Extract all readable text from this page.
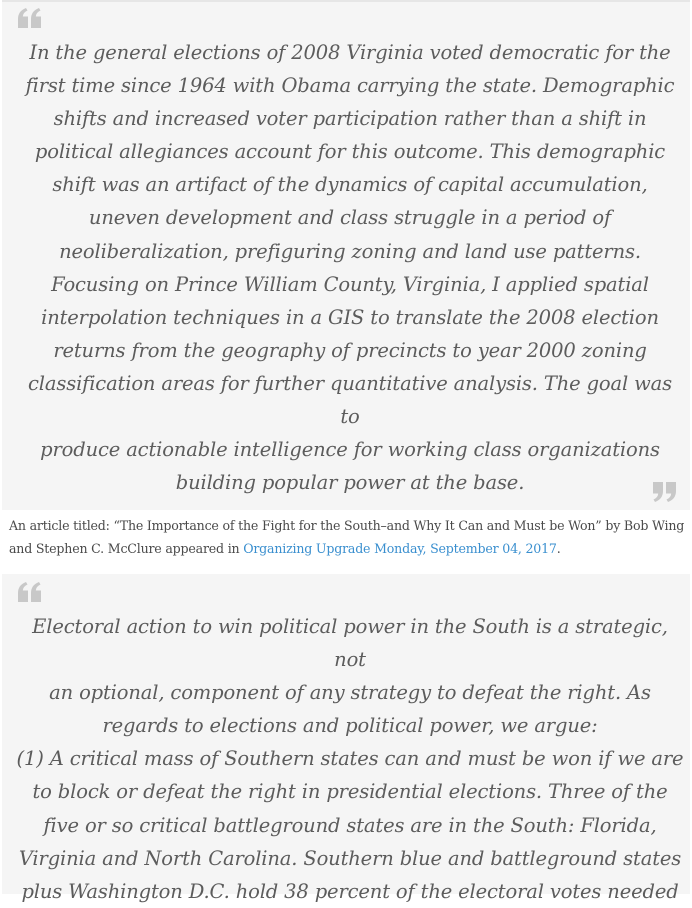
In the general elections of 2008 Virginia voted democratic for the
first time since 1964 with Obama carrying the state. Demographic
shifts and increased voter participation rather than a shift in
political allegiances account for this outcome. This demographic
shift was an artifact of the dynamics of capital accumulation,
uneven development and class struggle in a period of
neoliberalization, prefiguring zoning and land use patterns.
Focusing on Prince William County, Virginia, I applied spatial
interpolation techniques in a GIS to translate the 2008 election
returns from the geography of precincts to year 2000 zoning
classification areas for further quantitative analysis. The goal was to
produce actionable intelligence for working class organizations
building popular power at the base.

An article titled: “The Importance of the Fight for the South–and Why It Can and Must be Won” by Bob Wing and Stephen C. McClure appeared in Organizing Upgrade Monday, September 04, 2017.

Electoral action to win political power in the South is a strategic, not
an optional, component of any strategy to defeat the right. As
regards to elections and political power, we argue:
(1) A critical mass of Southern states can and must be won if we are
to block or defeat the right in presidential elections. Three of the
five or so critical battleground states are in the South: Florida,
Virginia and North Carolina. Southern blue and battleground states
plus Washington D.C. hold 38 percent of the electoral votes needed
